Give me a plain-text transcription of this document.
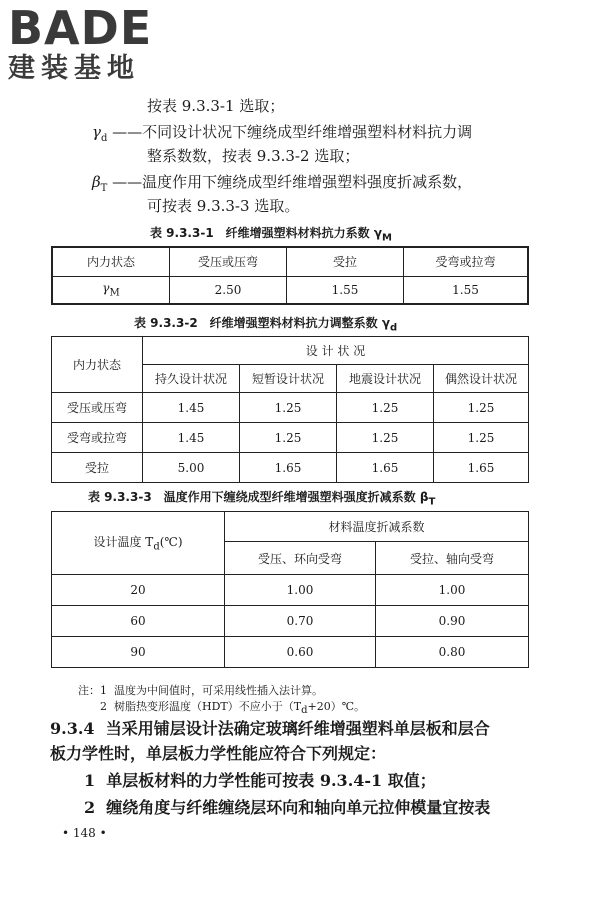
BADE
建装基地
按表 9.3.3-1 选取；
$\gamma_d$ ——不同设计状况下缠绕成型纤维增强塑料材料抗力调
整系数数，按表 9.3.3-2 选取；
$\beta_T$ ——温度作用下缠绕成型纤维增强塑料强度折减系数，
可按表 9.3.3-3 选取。
表 9.3.3-1　纤维增强塑料材料抗力系数 $\gamma_M$
内力状态	受压或压弯	受拉	受弯或拉弯
$\gamma_M$	2.50	1.55	1.55
表 9.3.3-2　纤维增强塑料材料抗力调整系数 $\gamma_d$
内力状态	设 计 状 况			
	持久设计状况	短暂设计状况	地震设计状况	偶然设计状况
受压或压弯	1.45	1.25	1.25	1.25
受弯或拉弯	1.45	1.25	1.25	1.25
受拉	5.00	1.65	1.65	1.65
表 9.3.3-3　温度作用下缠绕成型纤维增强塑料强度折减系数 $\beta_T$
设计温度 $T_d(℃)$	材料温度折减系数	
	受压、环向受弯	受拉、轴向受弯
20	1.00	1.00
60	0.70	0.90
90	0.60	0.80
注：1 温度为中间值时，可采用线性插入法计算。
2 树脂热变形温度（HDT）不应小于$(T_d+20)℃$。
9.3.4 当采用铺层设计法确定玻璃纤维增强塑料单层板和层合
板力学性时，单层板力学性能应符合下列规定：
1 单层板材料的力学性能可按表 9.3.4-1 取值；
2 缠绕角度与纤维缠绕层环向和轴向单元拉伸模量宜按表
• 148 •
